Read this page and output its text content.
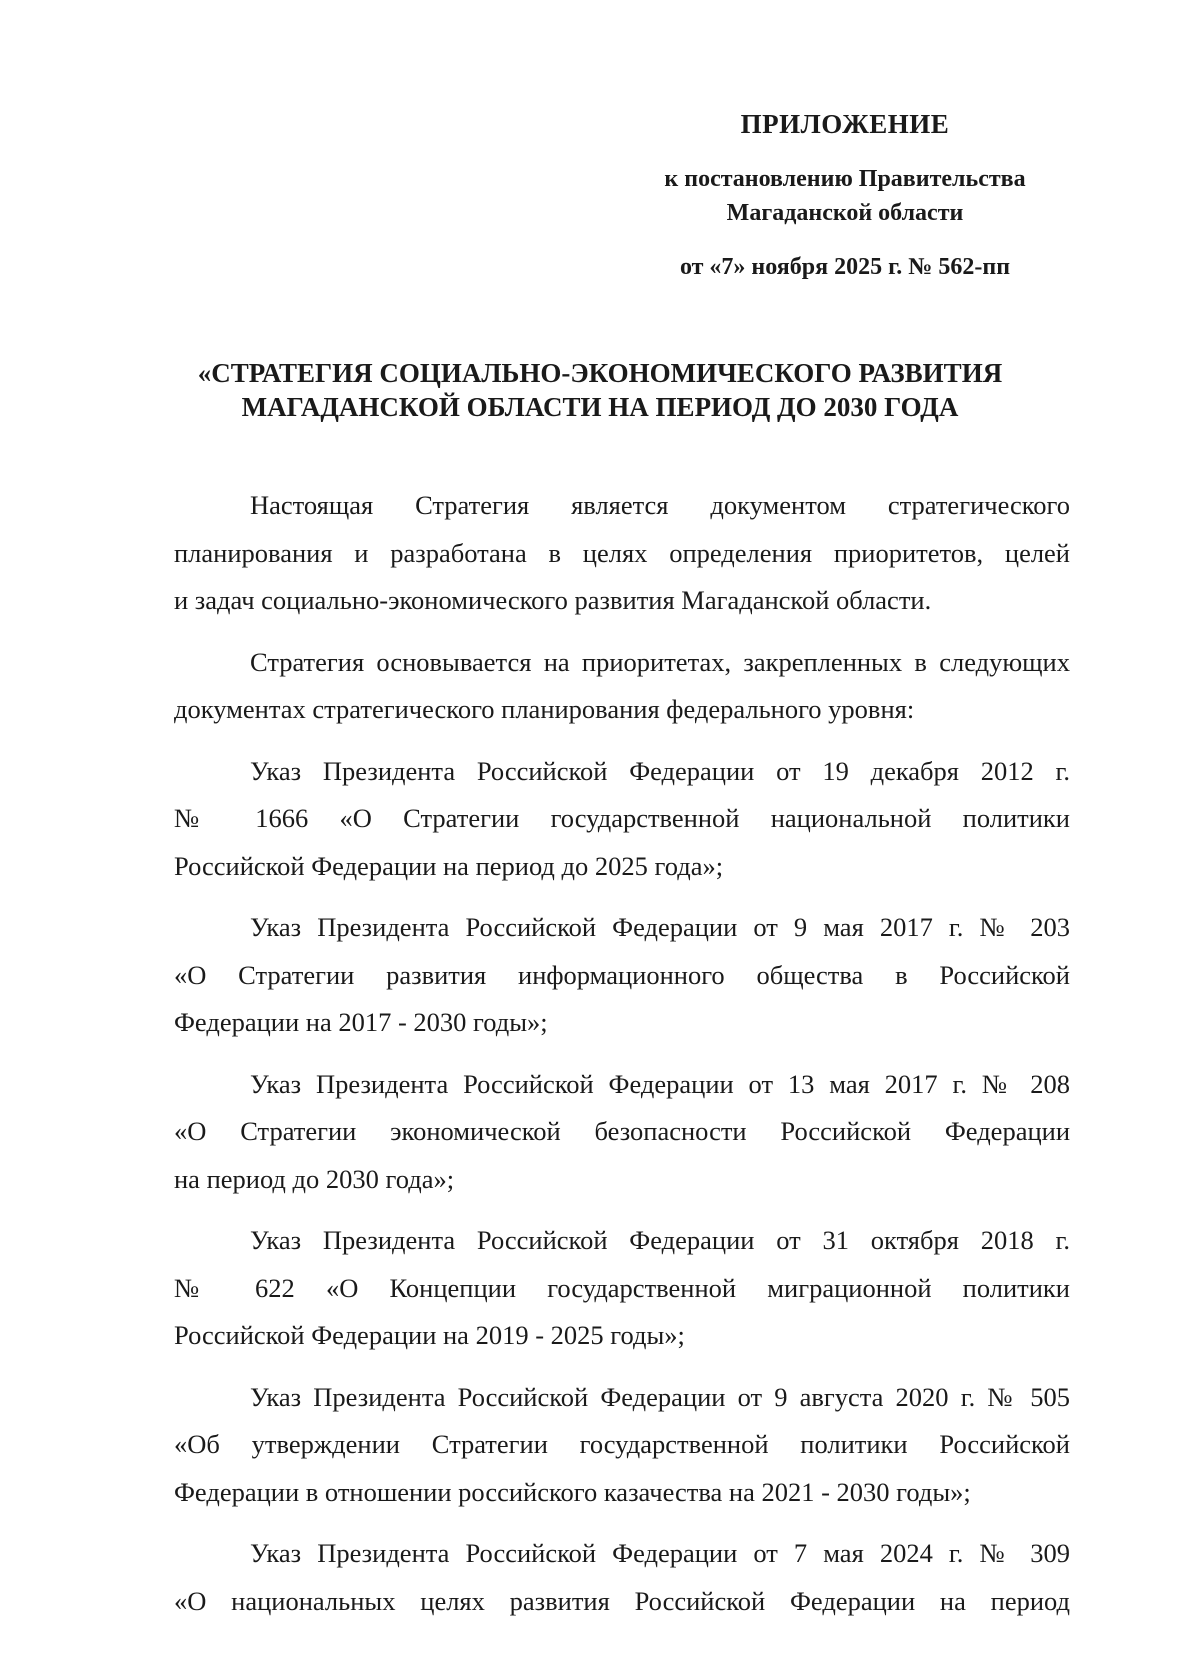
ПРИЛОЖЕНИЕ
к постановлению Правительства
Магаданской области
от «7» ноября 2025 г. № 562-пп
«СТРАТЕГИЯ СОЦИАЛЬНО-ЭКОНОМИЧЕСКОГО РАЗВИТИЯ
МАГАДАНСКОЙ ОБЛАСТИ НА ПЕРИОД ДО 2030 ГОДА
Настоящая Стратегия является документом стратегического
планирования и разработана в целях определения приоритетов, целей
и задач социально-экономического развития Магаданской области.
Стратегия основывается на приоритетах, закрепленных в следующих
документах стратегического планирования федерального уровня:
Указ Президента Российской Федерации от 19 декабря 2012 г.
№ 1666 «О Стратегии государственной национальной политики
Российской Федерации на период до 2025 года»;
Указ Президента Российской Федерации от 9 мая 2017 г. № 203
«О Стратегии развития информационного общества в Российской
Федерации на 2017 - 2030 годы»;
Указ Президента Российской Федерации от 13 мая 2017 г. № 208
«О Стратегии экономической безопасности Российской Федерации
на период до 2030 года»;
Указ Президента Российской Федерации от 31 октября 2018 г.
№ 622 «О Концепции государственной миграционной политики
Российской Федерации на 2019 - 2025 годы»;
Указ Президента Российской Федерации от 9 августа 2020 г. № 505
«Об утверждении Стратегии государственной политики Российской
Федерации в отношении российского казачества на 2021 - 2030 годы»;
Указ Президента Российской Федерации от 7 мая 2024 г. № 309
«О национальных целях развития Российской Федерации на период
